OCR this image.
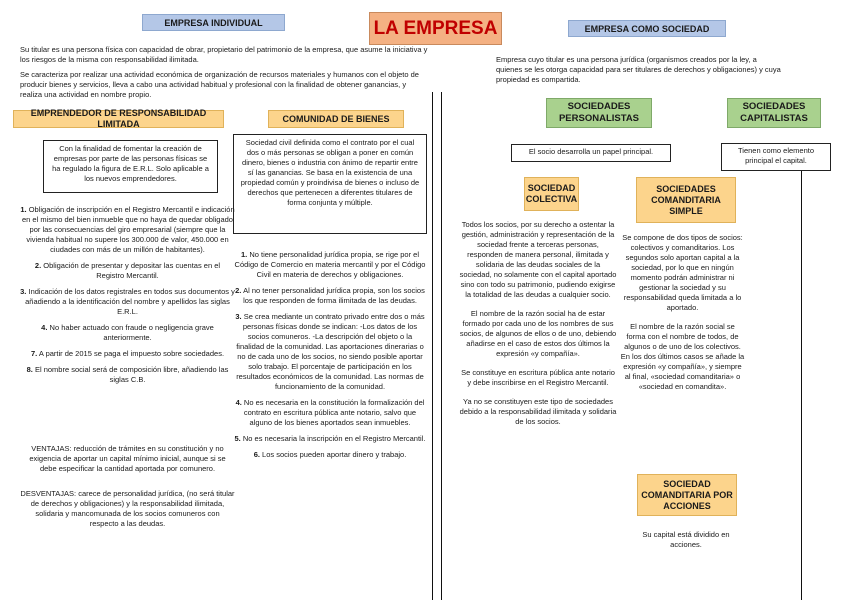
LA EMPRESA
EMPRESA INDIVIDUAL
Su titular es una persona física con capacidad de obrar, propietario del patrimonio de la empresa, que asume la iniciativa y los riesgos de la misma con responsabilidad ilimitada.
Se caracteriza por realizar una actividad económica de organización de recursos materiales y humanos con el objeto de producir bienes y servicios, lleva a cabo una actividad habitual y profesional con la finalidad de obtener ganancias, y realiza una actividad en nombre propio.
EMPRENDEDOR DE RESPONSABILIDAD LIMITADA
Con la finalidad de fomentar la creación de empresas por parte de las personas físicas se ha regulado la figura de E.R.L. Solo aplicable a los nuevos emprendedores.

1. Obligación de inscripción en el Registro Mercantil e indicación en el mismo del bien inmueble que no haya de quedar obligado por las consecuencias del giro empresarial (siempre que la vivienda habitual no supere los 300.000 de valor, 450.000 en ciudades con más de un millón de habitantes).

2. Obligación de presentar y depositar las cuentas en el Registro Mercantil.

3. Indicación de los datos registrales en todos sus documentos y añadiendo a la identificación del nombre y apellidos las siglas E.R.L.

4. No haber actuado con fraude o negligencia grave anteriormente.

7. A partir de 2015 se paga el impuesto sobre sociedades.

8. El nombre social será de composición libre, añadiendo las siglas C.B.

VENTAJAS: reducción de trámites en su constitución y no exigencia de aportar un capital mínimo inicial, aunque si se debe especificar la cantidad aportada por comunero.
DESVENTAJAS: carece de personalidad jurídica, (no será titular de derechos y obligaciones) y la responsabilidad ilimitada, solidaria y mancomunada de los socios comuneros con respecto a las deudas.
COMUNIDAD DE BIENES
Sociedad civil definida como el contrato por el cual dos o más personas se obligan a poner en común dinero, bienes o industria con ánimo de repartir entre sí las ganancias. Se basa en la existencia de una propiedad común y proindivisa de bienes o incluso de derechos que pertenecen a diferentes titulares de forma conjunta y múltiple.

1. No tiene personalidad jurídica propia, se rige por el Código de Comercio en materia mercantil y por el Código Civil en materia de derechos y obligaciones.

2. Al no tener personalidad jurídica propia, son los socios los que responden de forma ilimitada de las deudas.

3. Se crea mediante un contrato privado entre dos o más personas físicas donde se indican: -Los datos de los socios comuneros. -La descripción del objeto o la finalidad de la comunidad. Las aportaciones dinerarias o no de cada uno de los socios, no siendo posible aportar solo trabajo. El porcentaje de participación en los resultados económicos de la comunidad. Las normas de funcionamiento de la comunidad.

4. No es necesaria en la constitución la formalización del contrato en escritura pública ante notario, salvo que alguno de los bienes aportados sean inmuebles.

5. No es necesaria la inscripción en el Registro Mercantil.

6. Los socios pueden aportar dinero y trabajo.

EMPRESA COMO SOCIEDAD
Empresa cuyo titular es una persona jurídica (organismos creados por la ley, a quienes se les otorga capacidad para ser titulares de derechos y obligaciones) y cuya propiedad es compartida.
SOCIEDADES PERSONALISTAS
SOCIEDADES CAPITALISTAS
El socio desarrolla un papel principal.	Tienen como elemento principal el capital.
SOCIEDAD COLECTIVA

Todos los socios, por su derecho a ostentar la gestión, administración y representación de la sociedad frente a terceras personas, responden de manera personal, ilimitada y solidaria de las deudas sociales de la sociedad, no solamente con el capital aportado sino con todo su patrimonio, pudiendo exigirse la totalidad de las deudas a cualquier socio.

El nombre de la razón social ha de estar formado por cada uno de los nombres de sus socios, de algunos de ellos o de uno, debiendo añadirse en el caso de estos dos últimos la expresión «y compañía».

Se constituye en escritura pública ante notario y debe inscribirse en el Registro Mercantil.

Ya no se constituyen este tipo de sociedades debido a la responsabilidad ilimitada y solidaria de los socios.

SOCIEDADES COMANDITARIA SIMPLE

Se compone de dos tipos de socios: colectivos y comanditarios. Los segundos solo aportan capital a la sociedad, por lo que en ningún momento podrán administrar ni gestionar la sociedad y su responsabilidad queda limitada a lo aportado.

El nombre de la razón social se forma con el nombre de todos, de algunos o de uno de los colectivos. En los dos últimos casos se añade la expresión «y compañía», y siempre al final, «sociedad comanditaria» o «sociedad en comandita».

SOCIEDAD COMANDITARIA POR ACCIONES
Su capital está dividido en acciones.
